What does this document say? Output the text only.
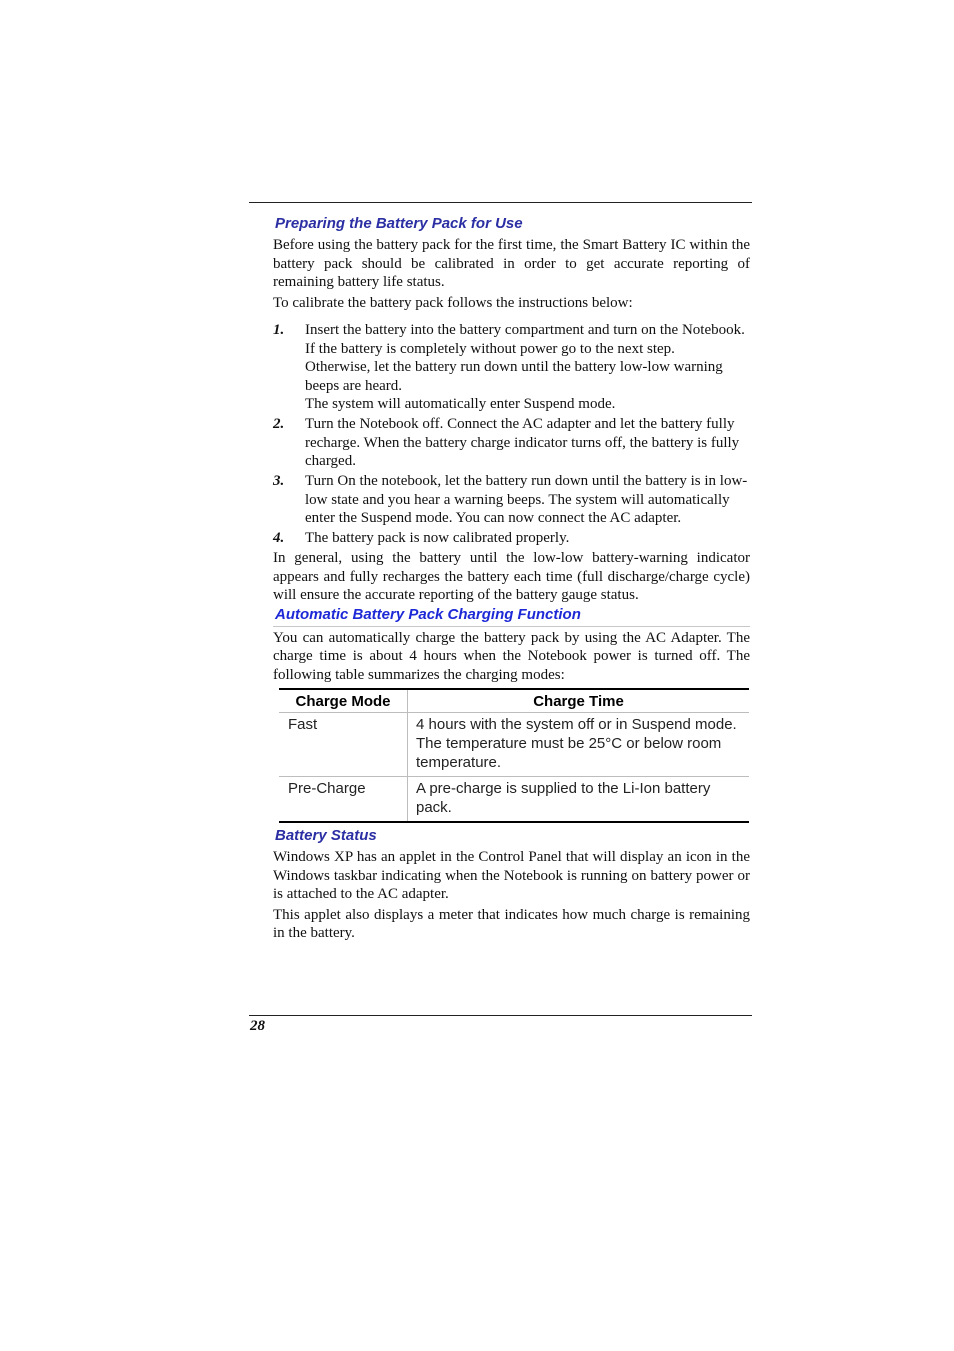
Preparing the Battery Pack for Use

Before using the battery pack for the first time, the Smart Battery IC within the battery pack should be calibrated in order to get accurate reporting of remaining battery life status.

To calibrate the battery pack follows the instructions below:

1. Insert the battery into the battery compartment and turn on the Notebook. If the battery is completely without power go to the next step.
Otherwise, let the battery run down until the battery low-low warning beeps are heard.
The system will automatically enter Suspend mode.
2. Turn the Notebook off. Connect the AC adapter and let the battery fully recharge. When the battery charge indicator turns off, the battery is fully charged.
3. Turn On the notebook, let the battery run down until the battery is in low-low state and you hear a warning beeps. The system will automatically enter the Suspend mode. You can now connect the AC adapter.
4. The battery pack is now calibrated properly.

In general, using the battery until the low-low battery-warning indicator appears and fully recharges the battery each time (full discharge/charge cycle) will ensure the accurate reporting of the battery gauge status.

Automatic Battery Pack Charging Function

You can automatically charge the battery pack by using the AC Adapter. The charge time is about 4 hours when the Notebook power is turned off. The following table summarizes the charging modes:

Charge Mode	Charge Time
Fast	4 hours with the system off or in Suspend mode. The temperature must be 25°C or below room temperature.
Pre-Charge	A pre-charge is supplied to the Li-Ion battery pack.
Battery Status

Windows XP has an applet in the Control Panel that will display an icon in the Windows taskbar indicating when the Notebook is running on battery power or is attached to the AC adapter.

This applet also displays a meter that indicates how much charge is remaining in the battery.

28
